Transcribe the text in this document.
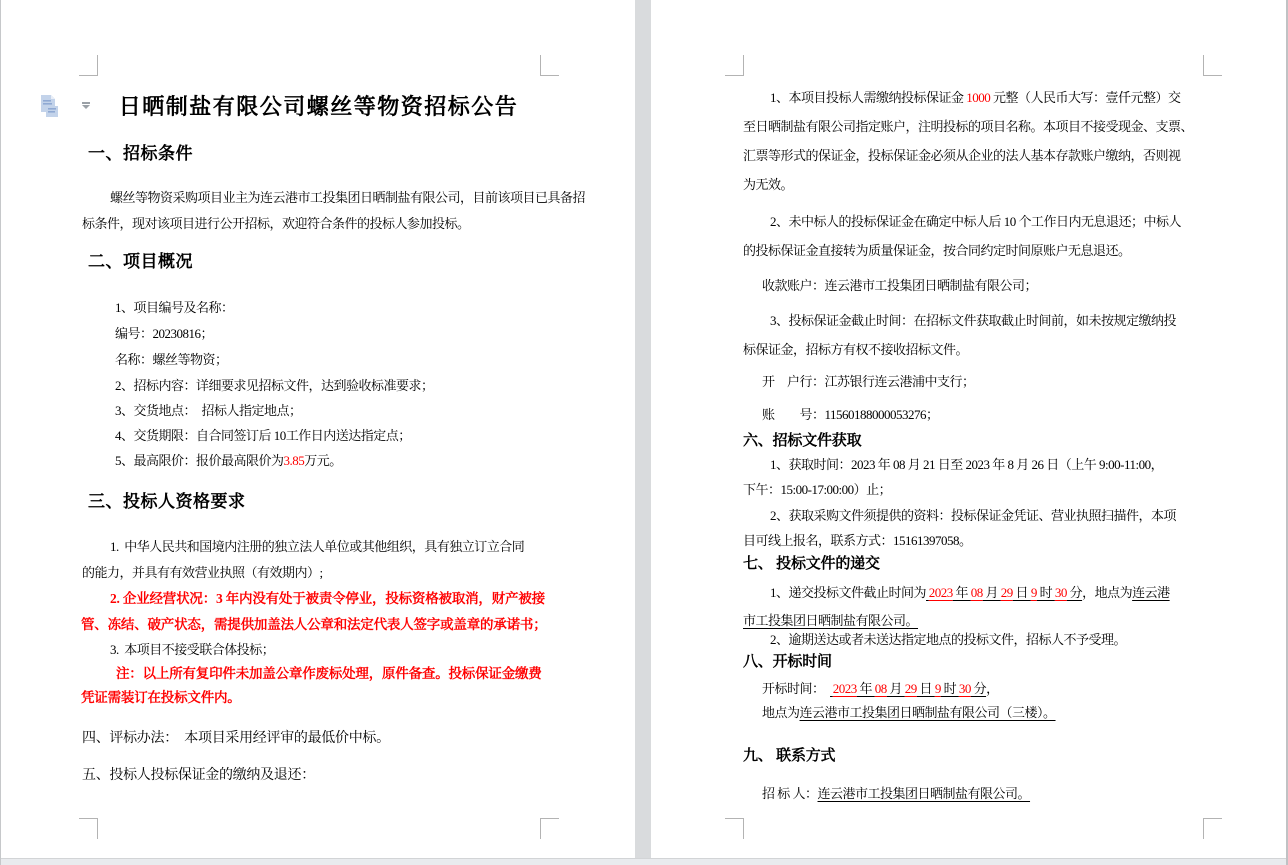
日晒制盐有限公司螺丝等物资招标公告
一、招标条件
螺丝等物资采购项目业主为连云港市工投集团日晒制盐有限公司，目前该项目已具备招
标条件，现对该项目进行公开招标，欢迎符合条件的投标人参加投标。
二、项目概况
1、项目编号及名称：
编号：20230816；
名称：螺丝等物资；
2、招标内容：详细要求见招标文件，达到验收标准要求；
3、交货地点：  招标人指定地点；
4、交货期限：自合同签订后 10工作日内送达指定点；
5、最高限价：报价最高限价为3.85万元。
三、投标人资格要求
1.  中华人民共和国境内注册的独立法人单位或其他组织，具有独立订立合同
的能力，并具有有效营业执照（有效期内）;
2. 企业经营状况：3 年内没有处于被责令停业，投标资格被取消，财产被接
管、冻结、破产状态，需提供加盖法人公章和法定代表人签字或盖章的承诺书；
3.  本项目不接受联合体投标；
注：以上所有复印件未加盖公章作废标处理，原件备查。投标保证金缴费
凭证需装订在投标文件内。
四、评标办法：  本项目采用经评审的最低价中标。
五、投标人投标保证金的缴纳及退还：
1、本项目投标人需缴纳投标保证金 1000 元整（人民币大写：壹仟元整）交
至日晒制盐有限公司指定账户，注明投标的项目名称。本项目不接受现金、支票、
汇票等形式的保证金，投标保证金必须从企业的法人基本存款账户缴纳，否则视
为无效。
2、未中标人的投标保证金在确定中标人后 10 个工作日内无息退还；中标人
的投标保证金直接转为质量保证金，按合同约定时间原账户无息退还。
收款账户：连云港市工投集团日晒制盐有限公司；
3、投标保证金截止时间：在招标文件获取截止时间前，如未按规定缴纳投
标保证金，招标方有权不接收招标文件。
开　户行：江苏银行连云港浦中支行；
账　　号：11560188000053276；
六、招标文件获取
1、获取时间：2023 年 08 月 21 日至 2023 年 8 月 26 日（上午 9:00-11:00，
下午：15:00-17:00:00）止；
2、获取采购文件须提供的资料：投标保证金凭证、营业执照扫描件，本项
目可线上报名，联系方式：15161397058。
七、 投标文件的递交
1、递交投标文件截止时间为 2023 年 08 月 29 日 9 时 30 分，地点为连云港
市工投集团日晒制盐有限公司。
2、逾期送达或者未送达指定地点的投标文件，招标人不予受理。
八、开标时间
开标时间：   2023 年 08 月 29 日 9 时 30 分，
地点为连云港市工投集团日晒制盐有限公司（三楼）。
九、 联系方式
招 标 人：连云港市工投集团日晒制盐有限公司。
